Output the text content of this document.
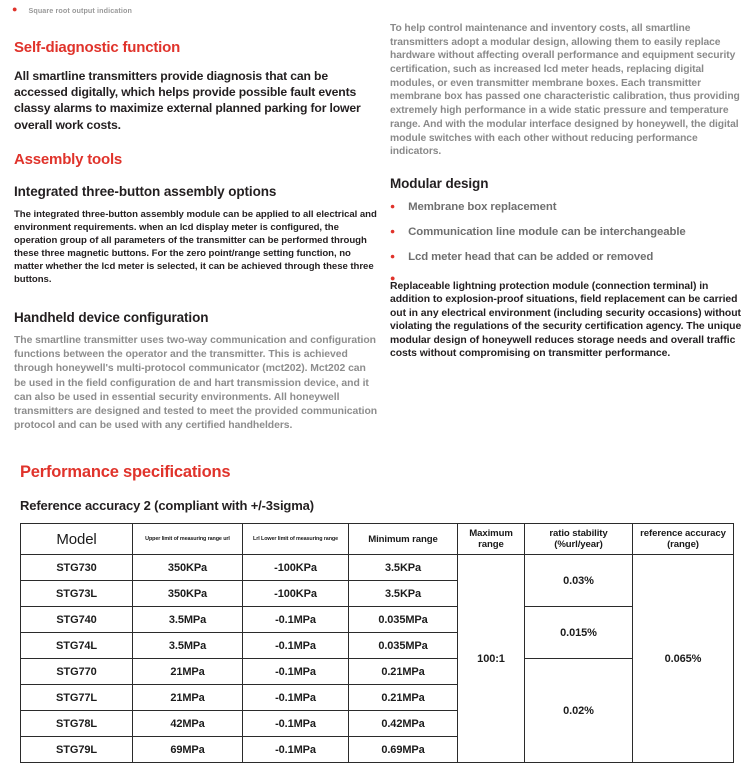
● Square root output indication
Self-diagnostic function

All smartline transmitters provide diagnosis that can be accessed digitally, which helps provide possible fault events classy alarms to maximize external planned parking for lower overall work costs.

Assembly tools
Integrated three-button assembly options

The integrated three-button assembly module can be applied to all electrical and environment requirements. when an lcd display meter is configured, the operation group of all parameters of the transmitter can be performed through these three magnetic buttons. For the zero point/range setting function, no matter whether the lcd meter is selected, it can be achieved through these three buttons.

Handheld device configuration

The smartline transmitter uses two-way communication and configuration functions between the operator and the transmitter. This is achieved through honeywell's multi-protocol communicator (mct202). Mct202 can be used in the field configuration de and hart transmission device, and it can also be used in essential security environments. All honeywell transmitters are designed and tested to meet the provided communication protocol and can be used with any certified handhelders.

To help control maintenance and inventory costs, all smartline transmitters adopt a modular design, allowing them to easily replace hardware without affecting overall performance and equipment security certification, such as increased lcd meter heads, replacing digital modules, or even transmitter membrane boxes. Each transmitter membrane box has passed one characteristic calibration, thus providing extremely high performance in a wide static pressure and temperature range. And with the modular interface designed by honeywell, the digital module switches with each other without reducing performance indicators.

Modular design
● Membrane box replacement
● Communication line module can be interchangeable
● Lcd meter head that can be added or removed
●

Replaceable lightning protection module (connection terminal) in addition to explosion-proof situations, field replacement can be carried out in any electrical environment (including security occasions) without violating the regulations of the security certification agency. The unique modular design of honeywell reduces storage needs and overall traffic costs without compromising on transmitter performance.

Performance specifications
Reference accuracy 2 (compliant with +/-3sigma)
Model	Upper limit of measuring range url	Lrl Lower limit of measuring range	Minimum range	Maximum range	ratio stability (%url/year)	reference accuracy (range)
STG730	350KPa	-100KPa	3.5KPa	100:1	0.03%	0.065%
STG73L	350KPa	-100KPa	3.5KPa			
STG740	3.5MPa	-0.1MPa	0.035MPa		0.015%	
STG74L	3.5MPa	-0.1MPa	0.035MPa			
STG770	21MPa	-0.1MPa	0.21MPa		0.02%	
STG77L	21MPa	-0.1MPa	0.21MPa			
STG78L	42MPa	-0.1MPa	0.42MPa			
STG79L	69MPa	-0.1MPa	0.69MPa			
